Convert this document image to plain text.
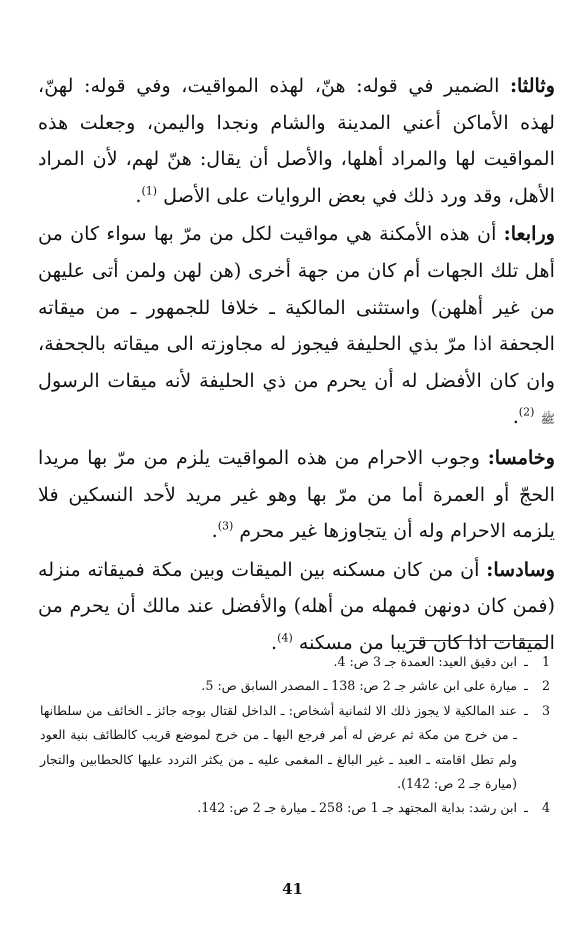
وثالثا: الضمير في قوله: هنّ، لهذه المواقيت، وفي قوله: لهنّ، لهذه الأماكن أعني المدينة والشام ونجدا واليمن، وجعلت هذه المواقيت لها والمراد أهلها، والأصل أن يقال: هنّ لهم، لأن المراد الأهل، وقد ورد ذلك في بعض الروايات على الأصل $^{(1)}$.

ورابعا: أن هذه الأمكنة هي مواقيت لكل من مرّ بها سواء كان من أهل تلك الجهات أم كان من جهة أخرى (هن لهن ولمن أتى عليهن من غير أهلهن) واستثنى المالكية ـ خلافا للجمهور ـ من ميقاته الجحفة اذا مرّ بذي الحليفة فيجوز له مجاوزته الى ميقاته بالجحفة، وان كان الأفضل له أن يحرم من ذي الحليفة لأنه ميقات الرسول ﷺ $^{(2)}$.

وخامسا: وجوب الاحرام من هذه المواقيت يلزم من مرّ بها مريدا الحجّ أو العمرة أما من مرّ بها وهو غير مريد لأحد النسكين فلا يلزمه الاحرام وله أن يتجاوزها غير محرم $^{(3)}$.

وسادسا: أن من كان مسكنه بين الميقات وبين مكة فميقاته منزله (فمن كان دونهن فمهله من أهله) والأفضل عند مالك أن يحرم من الميقات اذا كان قريبا من مسكنه $^{(4)}$.

1
ـ
ابن دقيق العيد: العمدة جـ 3 ص: 4.
2
ـ
ميارة على ابن عاشر جـ 2 ص: 138 ـ المصدر السابق ص: 5.
3
ـ
عند المالكية لا يجوز ذلك الا لثمانية أشخاص: ـ الداخل لقتال بوجه جائز ـ الخائف من سلطانها ـ من خرج من مكة ثم عرض له أمر فرجع اليها ـ من خرج لموضع قريب كالطائف بنية العود ولم تطل اقامته ـ العبد ـ غير البالغ ـ المغمى عليه ـ من يكثر التردد عليها كالحطابين والتجار (ميارة جـ 2 ص: 142).
4
ـ
ابن رشد: بداية المجتهد جـ 1 ص: 258 ـ ميارة جـ 2 ص: 142.
41
